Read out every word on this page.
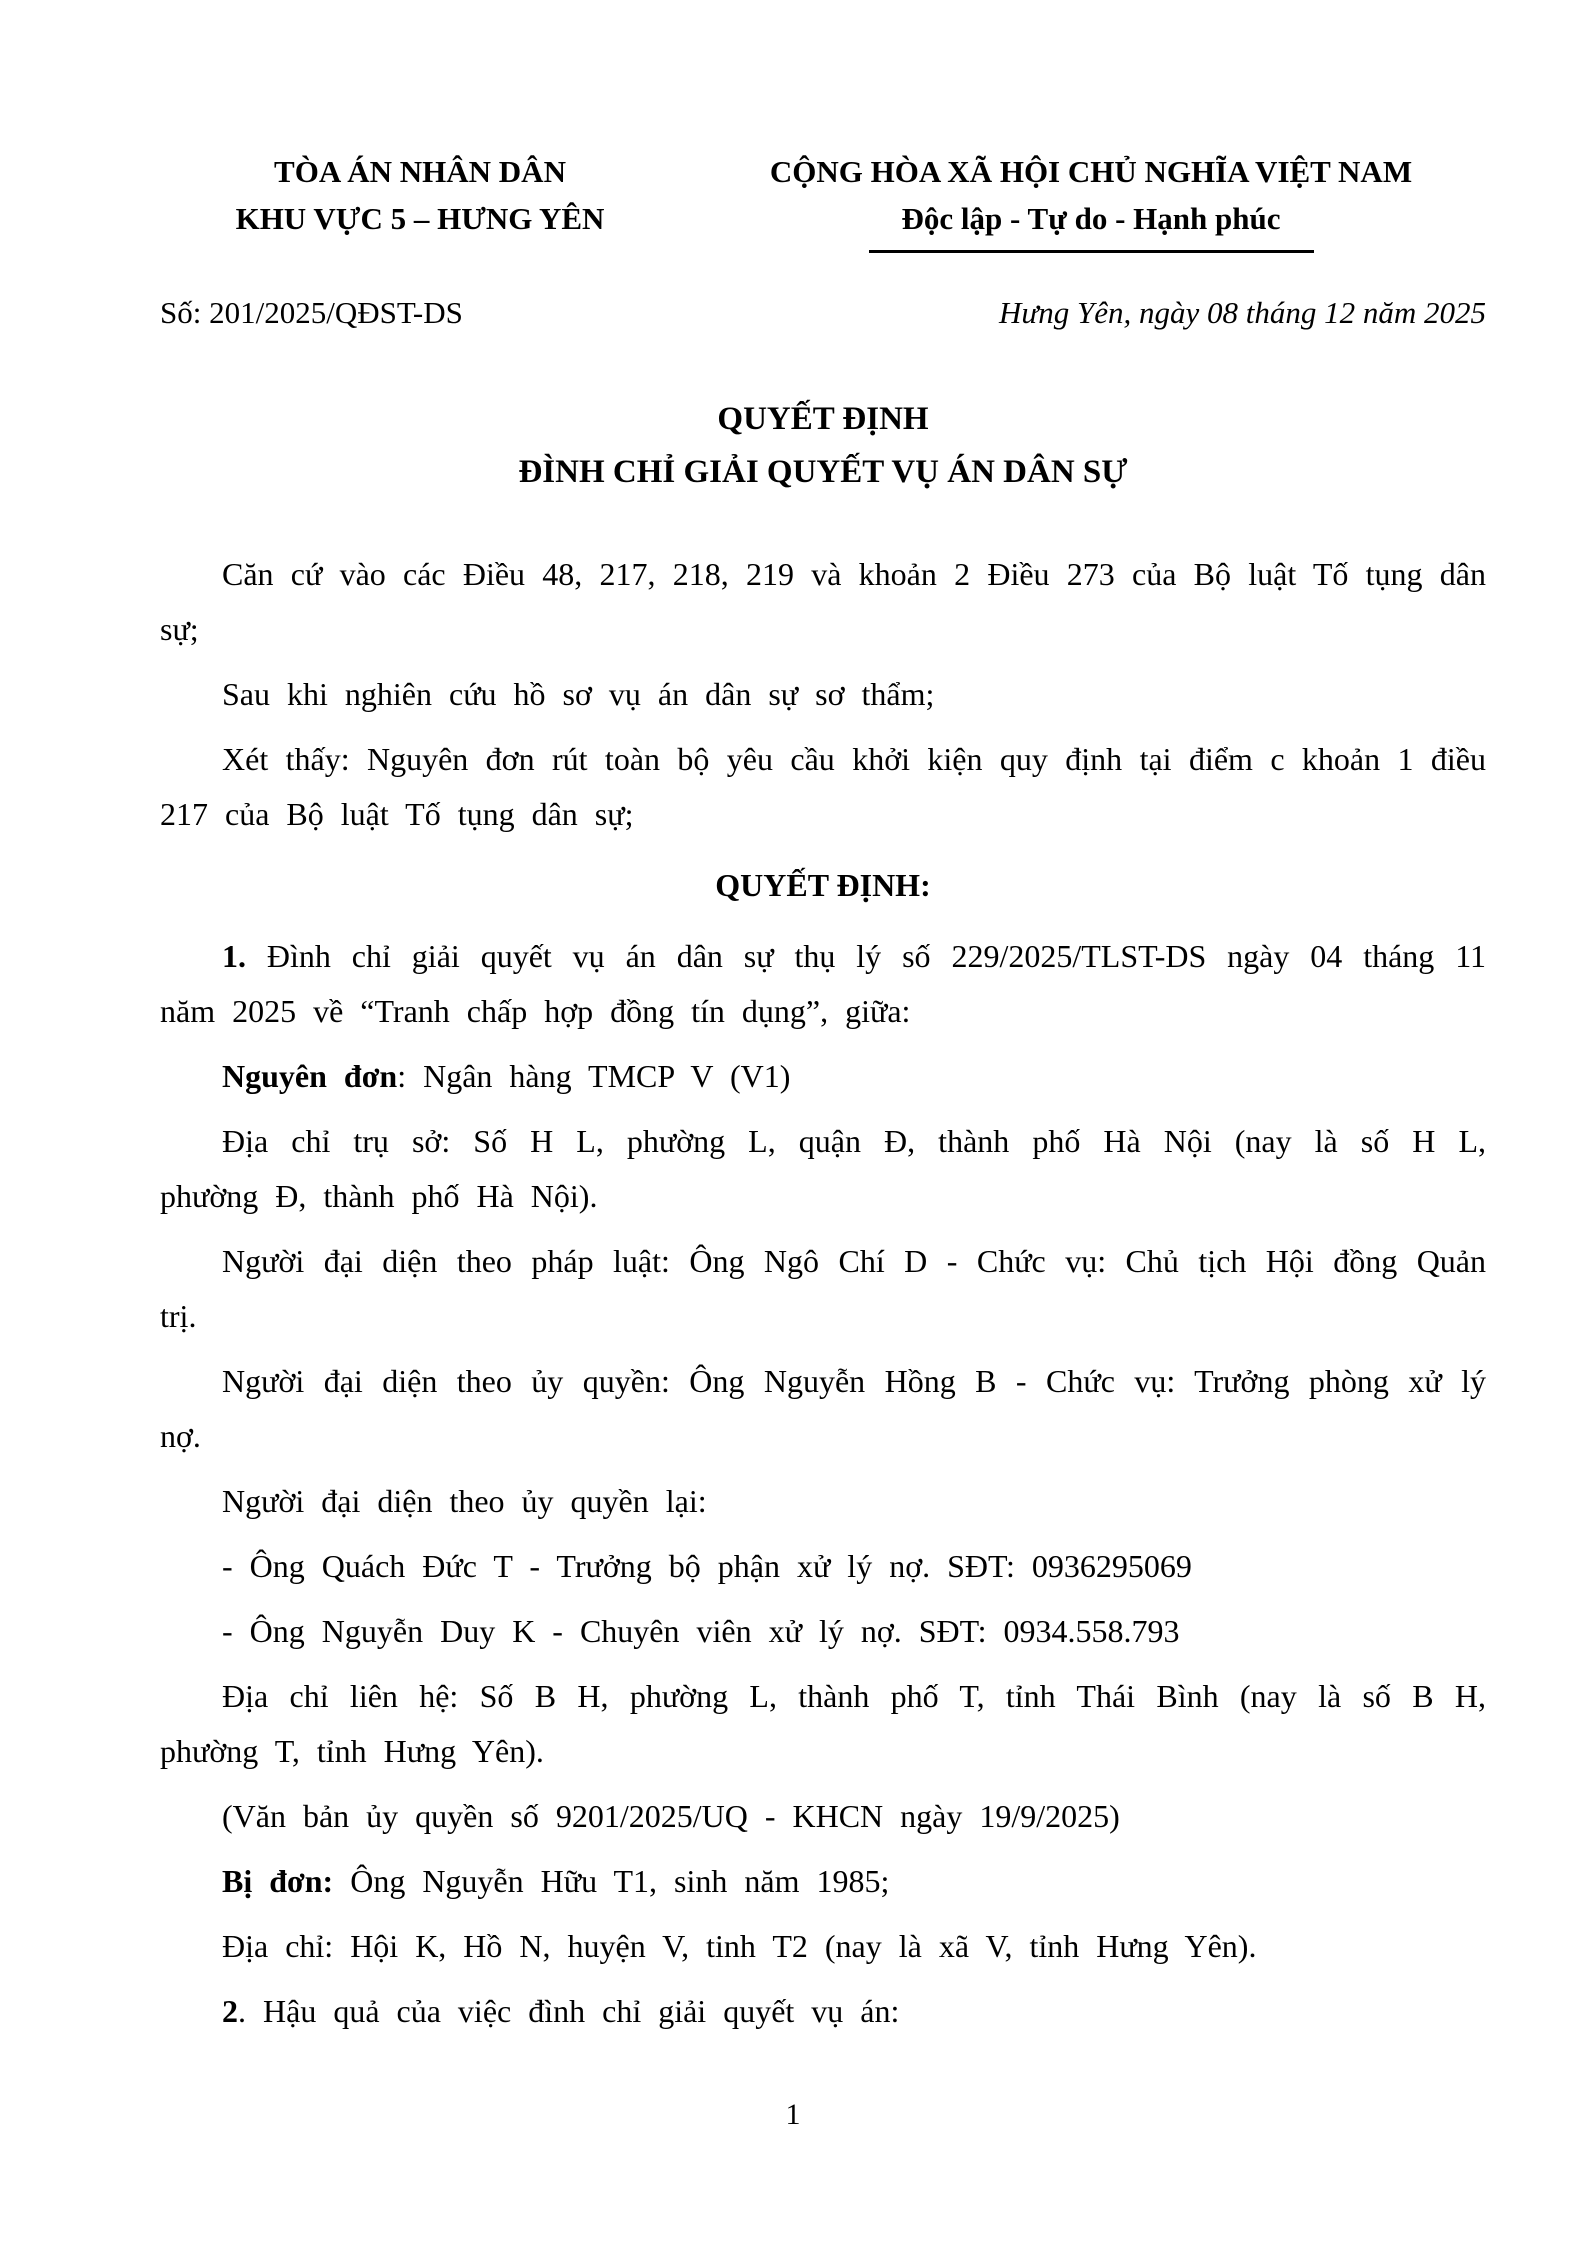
TÒA ÁN NHÂN DÂN
KHU VỰC 5 – HƯNG YÊN
CỘNG HÒA XÃ HỘI CHỦ NGHĨA VIỆT NAM
Độc lập - Tự do - Hạnh phúc
Số: 201/2025/QĐST-DS	Hưng Yên, ngày 08 tháng 12 năm 2025
QUYẾT ĐỊNH
ĐÌNH CHỈ GIẢI QUYẾT VỤ ÁN DÂN SỰ

Căn cứ vào các Điều 48, 217, 218, 219 và khoản 2 Điều 273 của Bộ luật Tố tụng dân sự;

Sau khi nghiên cứu hồ sơ vụ án dân sự sơ thẩm;

Xét thấy: Nguyên đơn rút toàn bộ yêu cầu khởi kiện quy định tại điểm c khoản 1 điều 217 của Bộ luật Tố tụng dân sự;

QUYẾT ĐỊNH:

1. Đình chỉ giải quyết vụ án dân sự thụ lý số 229/2025/TLST-DS ngày 04 tháng 11 năm 2025 về “Tranh chấp hợp đồng tín dụng”, giữa:

Nguyên đơn: Ngân hàng TMCP V (V1)

Địa chỉ trụ sở: Số H L, phường L, quận Đ, thành phố Hà Nội (nay là số H L, phường Đ, thành phố Hà Nội).

Người đại diện theo pháp luật: Ông Ngô Chí D - Chức vụ: Chủ tịch Hội đồng Quản trị.

Người đại diện theo ủy quyền: Ông Nguyễn Hồng B - Chức vụ: Trưởng phòng xử lý nợ.

Người đại diện theo ủy quyền lại:

- Ông Quách Đức T - Trưởng bộ phận xử lý nợ. SĐT: 0936295069

- Ông Nguyễn Duy K - Chuyên viên xử lý nợ. SĐT: 0934.558.793

Địa chỉ liên hệ: Số B H, phường L, thành phố T, tỉnh Thái Bình (nay là số B H, phường T, tỉnh Hưng Yên).

(Văn bản ủy quyền số 9201/2025/UQ - KHCN ngày 19/9/2025)

Bị đơn: Ông Nguyễn Hữu T1, sinh năm 1985;

Địa chỉ: Hội K, Hồ N, huyện V, tinh T2 (nay là xã V, tỉnh Hưng Yên).

2. Hậu quả của việc đình chỉ giải quyết vụ án:

1
